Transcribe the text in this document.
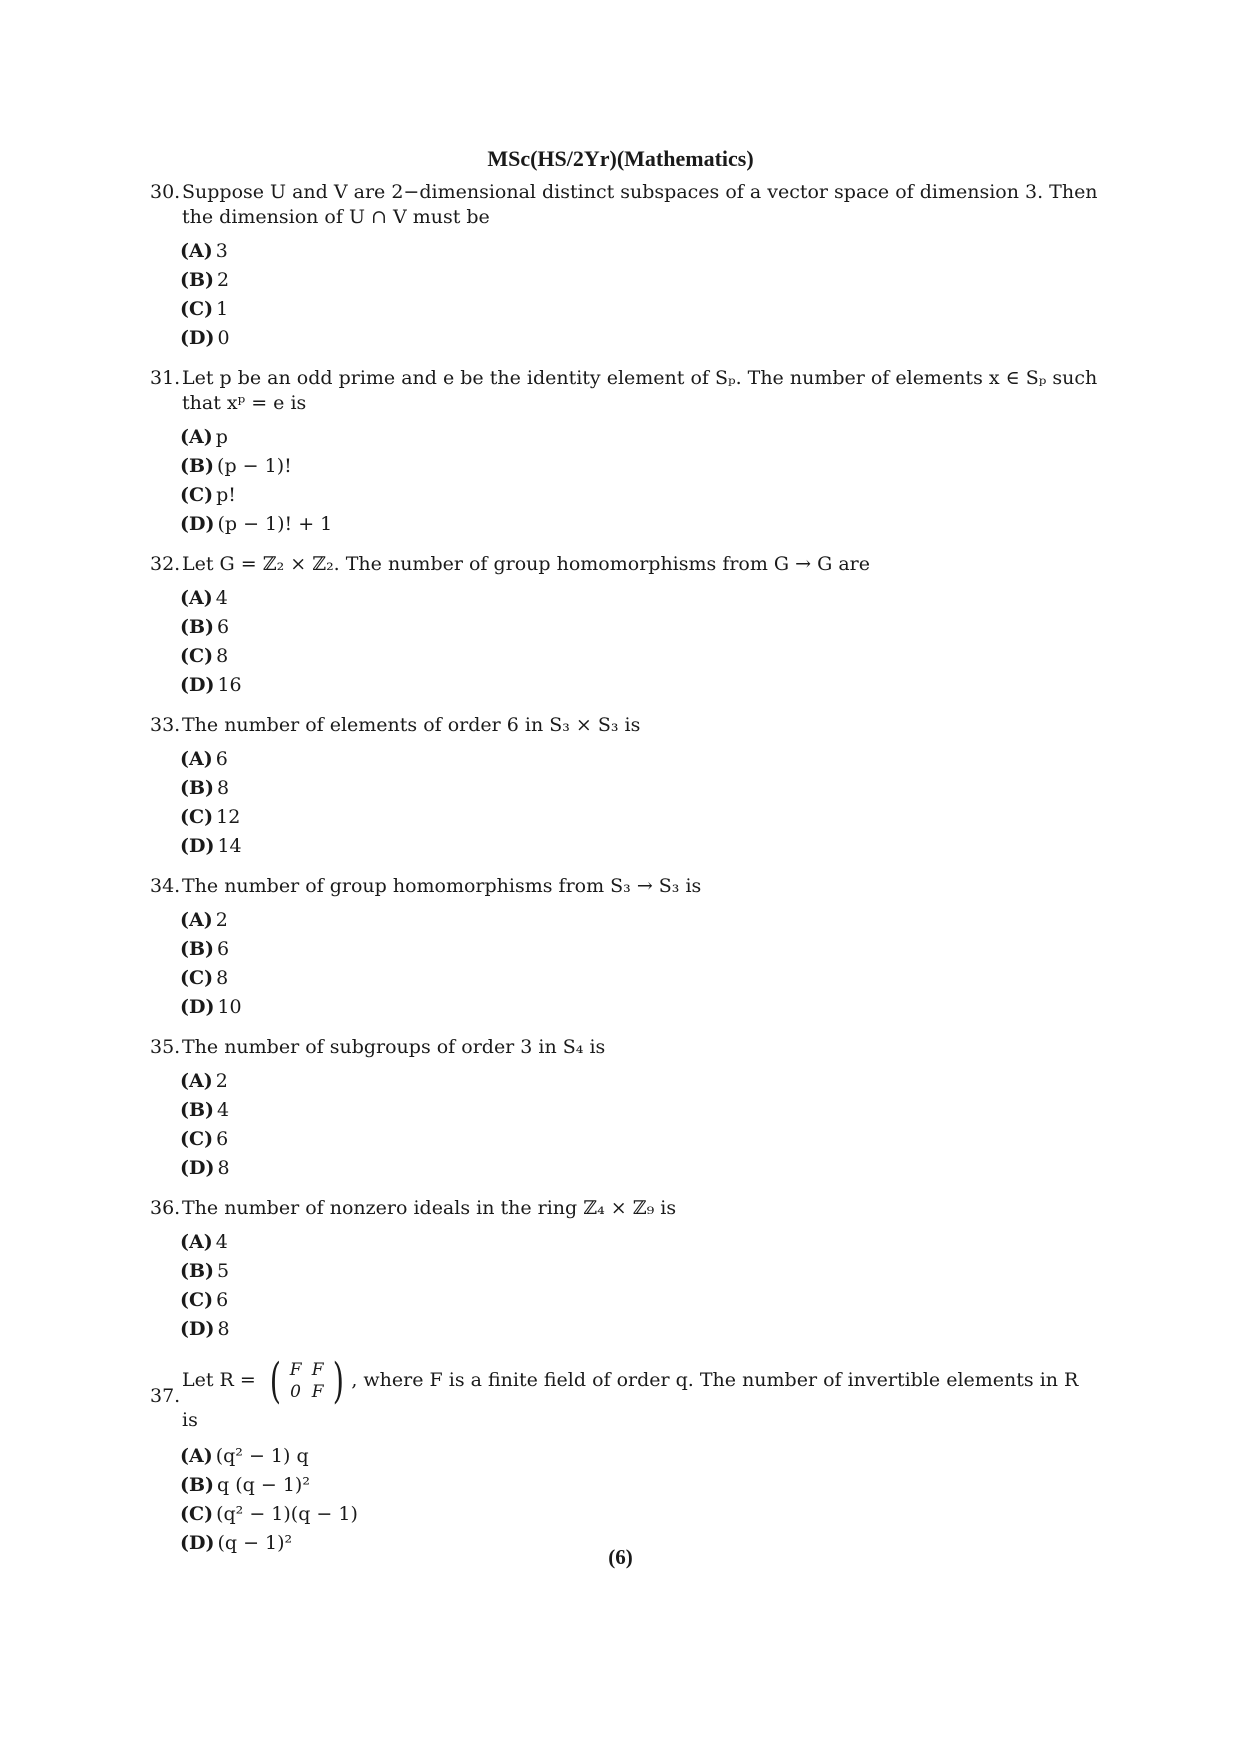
MSc(HS/2Yr)(Mathematics)
30. Suppose U and V are 2−dimensional distinct subspaces of a vector space of dimension 3. Then the dimension of U ∩ V must be
(A) 3
(B) 2
(C) 1
(D) 0
31. Let p be an odd prime and e be the identity element of Sₚ. The number of elements x ∈ Sₚ such that xᵖ = e is
(A) p
(B) (p − 1)!
(C) p!
(D) (p − 1)! + 1
32. Let G = ℤ₂ × ℤ₂. The number of group homomorphisms from G → G are
(A) 4
(B) 6
(C) 8
(D) 16
33. The number of elements of order 6 in S₃ × S₃ is
(A) 6
(B) 8
(C) 12
(D) 14
34. The number of group homomorphisms from S₃ → S₃ is
(A) 2
(B) 6
(C) 8
(D) 10
35. The number of subgroups of order 3 in S₄ is
(A) 2
(B) 4
(C) 6
(D) 8
36. The number of nonzero ideals in the ring ℤ₄ × ℤ₉ is
(A) 4
(B) 5
(C) 6
(D) 8
37.
Let R = ( F F
0 F ) , where F is a finite field of order q. The number of invertible elements in R is
(A) (q² − 1) q
(B) q (q − 1)²
(C) (q² − 1)(q − 1)
(D) (q − 1)²
(6)
